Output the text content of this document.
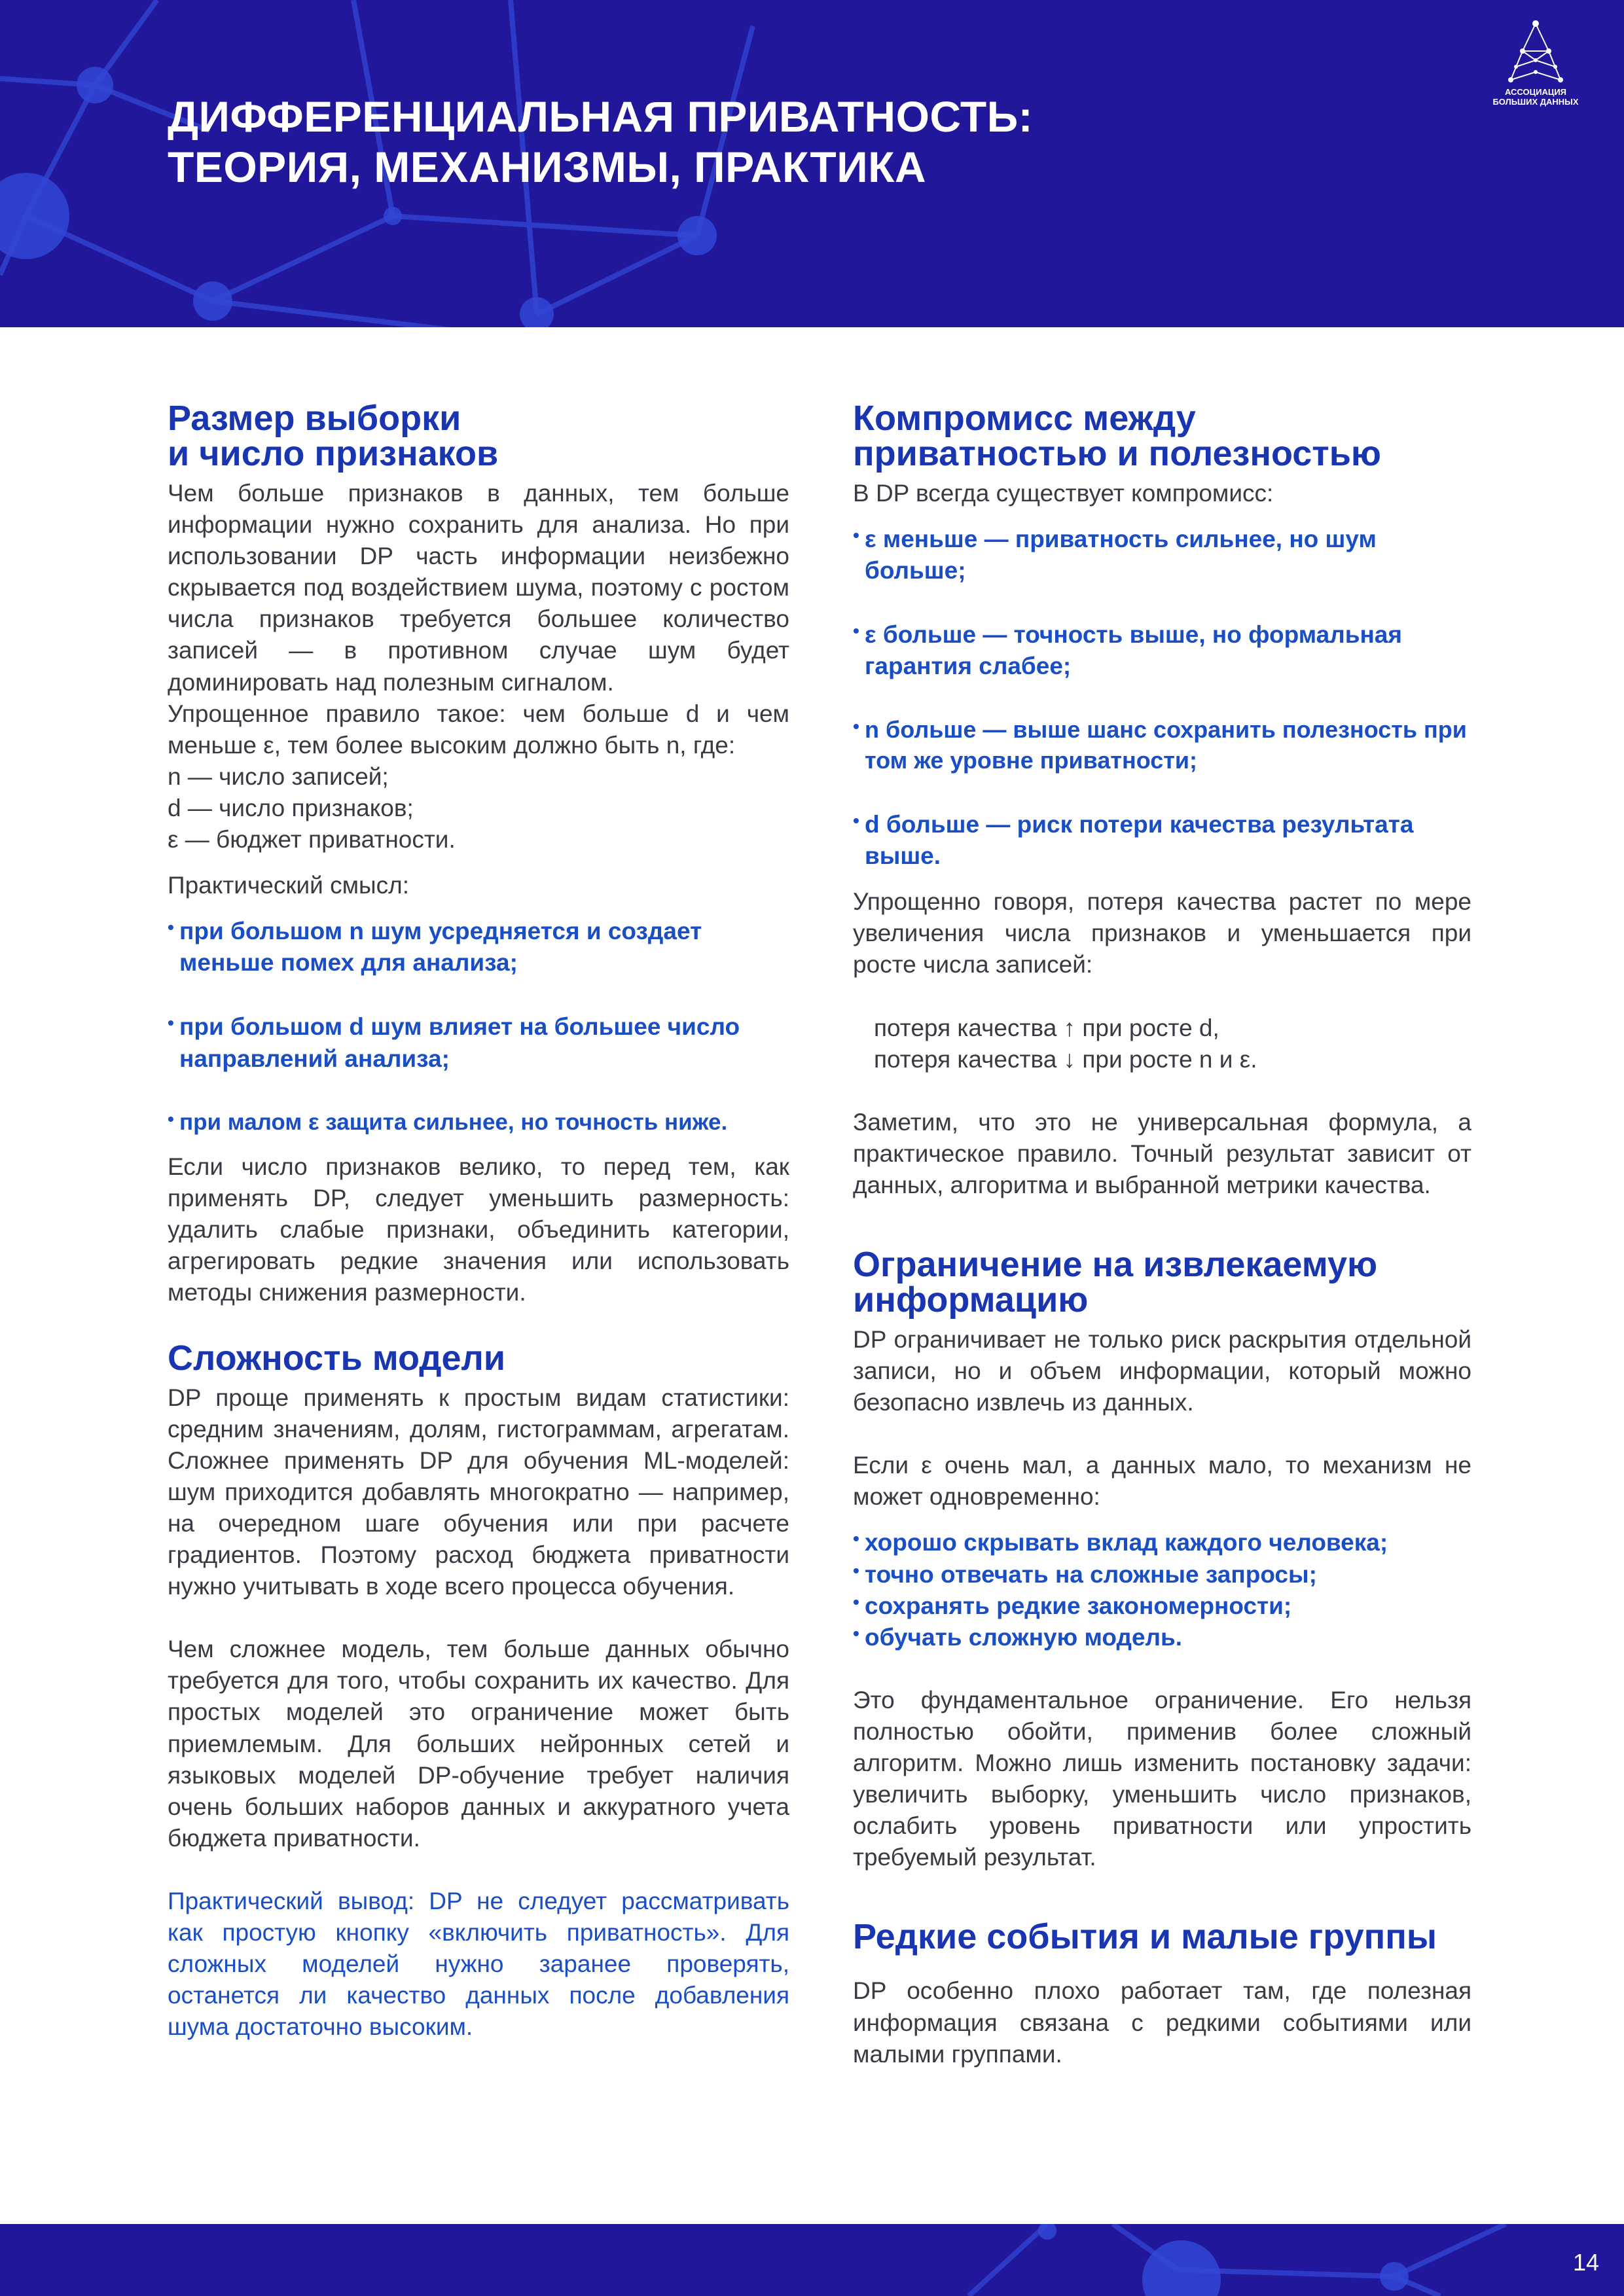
ДИФФЕРЕНЦИАЛЬНАЯ ПРИВАТНОСТЬ:
ТЕОРИЯ, МЕХАНИЗМЫ, ПРАКТИКА
АССОЦИАЦИЯ
БОЛЬШИХ ДАННЫХ
Размер выборки
и число признаков

Чем больше признаков в данных, тем больше информации нужно сохранить для анализа. Но при использовании DP часть информации неизбежно скрывается под воздействием шума, поэтому с ростом числа признаков требуется большее количество записей — в противном случае шум будет доминировать над полезным сигналом.

Упрощенное правило такое: чем больше d и чем меньше ε, тем более высоким должно быть n, где:

n — число записей;
d — число признаков;
ε — бюджет приватности.

Практический смысл:

• при большом n шум усредняется и создает меньше помех для анализа;
• при большом d шум влияет на большее число направлений анализа;
• при малом ε защита сильнее, но точность ниже.

Если число признаков велико, то перед тем, как применять DP, следует уменьшить размерность: удалить слабые признаки, объединить категории, агрегировать редкие значения или использовать методы снижения размерности.

Сложность модели

DP проще применять к простым видам статистики: средним значениям, долям, гистограммам, агрегатам. Сложнее применять DP для обучения ML-моделей: шум приходится добавлять многократно — например, на очередном шаге обучения или при расчете градиентов. Поэтому расход бюджета приватности нужно учитывать в ходе всего процесса обучения.

Чем сложнее модель, тем больше данных обычно требуется для того, чтобы сохранить их качество. Для простых моделей это ограничение может быть приемлемым. Для больших нейронных сетей и языковых моделей DP-обучение требует наличия очень больших наборов данных и аккуратного учета бюджета приватности.

Практический вывод: DP не следует рассматривать как простую кнопку «включить приватность». Для сложных моделей нужно заранее проверять, останется ли качество данных после добавления шума достаточно высоким.

Компромисс между
приватностью и полезностью

В DP всегда существует компромисс:

• ε меньше — приватность сильнее, но шум больше;
• ε больше — точность выше, но формальная гарантия слабее;
• n больше — выше шанс сохранить полезность при том же уровне приватности;
• d больше — риск потери качества результата выше.

Упрощенно говоря, потеря качества растет по мере увеличения числа признаков и уменьшается при росте числа записей:

потеря качества ↑ при росте d,
потеря качества ↓ при росте n и ε.

Заметим, что это не универсальная формула, а практическое правило. Точный результат зависит от данных, алгоритма и выбранной метрики качества.

Ограничение на извлекаемую
информацию

DP ограничивает не только риск раскрытия отдельной записи, но и объем информации, который можно безопасно извлечь из данных.

Если ε очень мал, а данных мало, то механизм не может одновременно:

• хорошо скрывать вклад каждого человека;
• точно отвечать на сложные запросы;
• сохранять редкие закономерности;
• обучать сложную модель.

Это фундаментальное ограничение. Его нельзя полностью обойти, применив более сложный алгоритм. Можно лишь изменить постановку задачи: увеличить выборку, уменьшить число признаков, ослабить уровень приватности или упростить требуемый результат.

Редкие события и малые группы

DP особенно плохо работает там, где полезная информация связана с редкими событиями или малыми группами.

14
